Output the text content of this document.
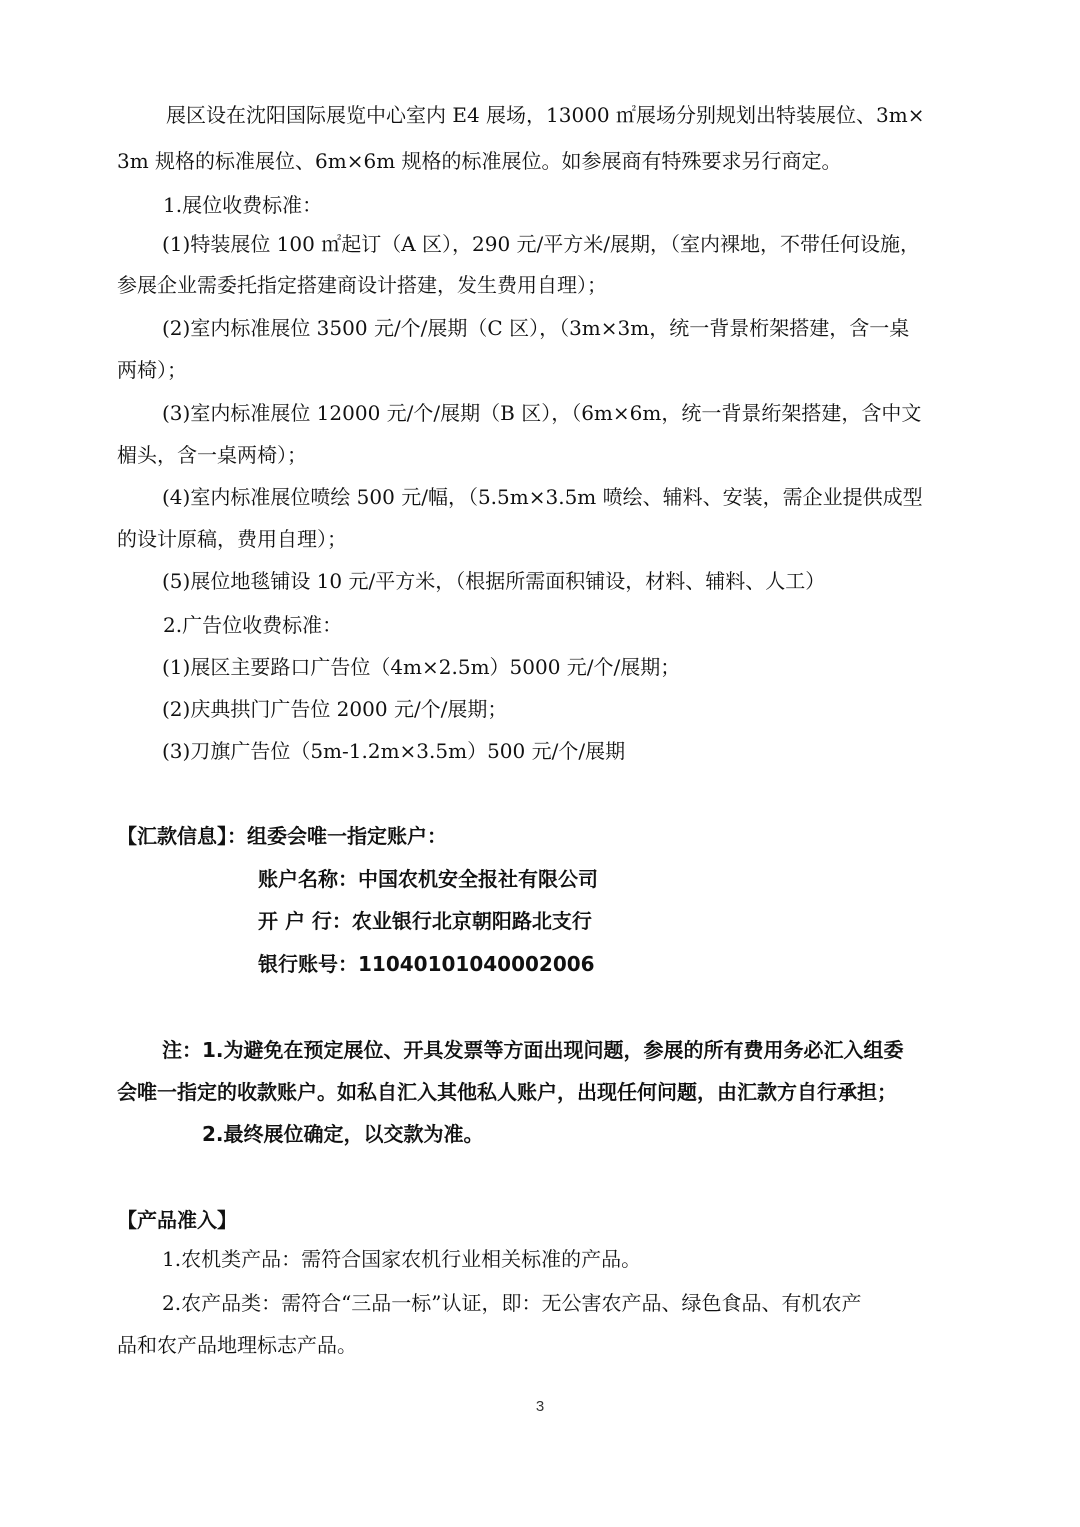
展区设在沈阳国际展览中心室内 E4 展场，13000 ㎡展场分别规划出特装展位、3m×
3m 规格的标准展位、6m×6m 规格的标准展位。如参展商有特殊要求另行商定。
1.展位收费标准：
(1)特装展位 100 ㎡起订（A 区），290 元/平方米/展期，（室内裸地，不带任何设施，
参展企业需委托指定搭建商设计搭建，发生费用自理）；
(2)室内标准展位 3500 元/个/展期（C 区），（3m×3m，统一背景桁架搭建，含一桌
两椅）；
(3)室内标准展位 12000 元/个/展期（B 区），（6m×6m，统一背景绗架搭建，含中文
楣头，含一桌两椅）；
(4)室内标准展位喷绘 500 元/幅，（5.5m×3.5m 喷绘、辅料、安装，需企业提供成型
的设计原稿，费用自理）；
(5)展位地毯铺设 10 元/平方米，（根据所需面积铺设，材料、辅料、人工）
2.广告位收费标准：
(1)展区主要路口广告位（4m×2.5m）5000 元/个/展期；
(2)庆典拱门广告位 2000 元/个/展期；
(3)刀旗广告位（5m-1.2m×3.5m）500 元/个/展期
【汇款信息】：组委会唯一指定账户：
账户名称：中国农机安全报社有限公司
开 户 行：农业银行北京朝阳路北支行
银行账号：11040101040002006
注：1.为避免在预定展位、开具发票等方面出现问题，参展的所有费用务必汇入组委
会唯一指定的收款账户。如私自汇入其他私人账户，出现任何问题，由汇款方自行承担；
2.最终展位确定，以交款为准。
【产品准入】
1.农机类产品：需符合国家农机行业相关标准的产品。
2.农产品类：需符合“三品一标”认证，即：无公害农产品、绿色食品、有机农产
品和农产品地理标志产品。
3
